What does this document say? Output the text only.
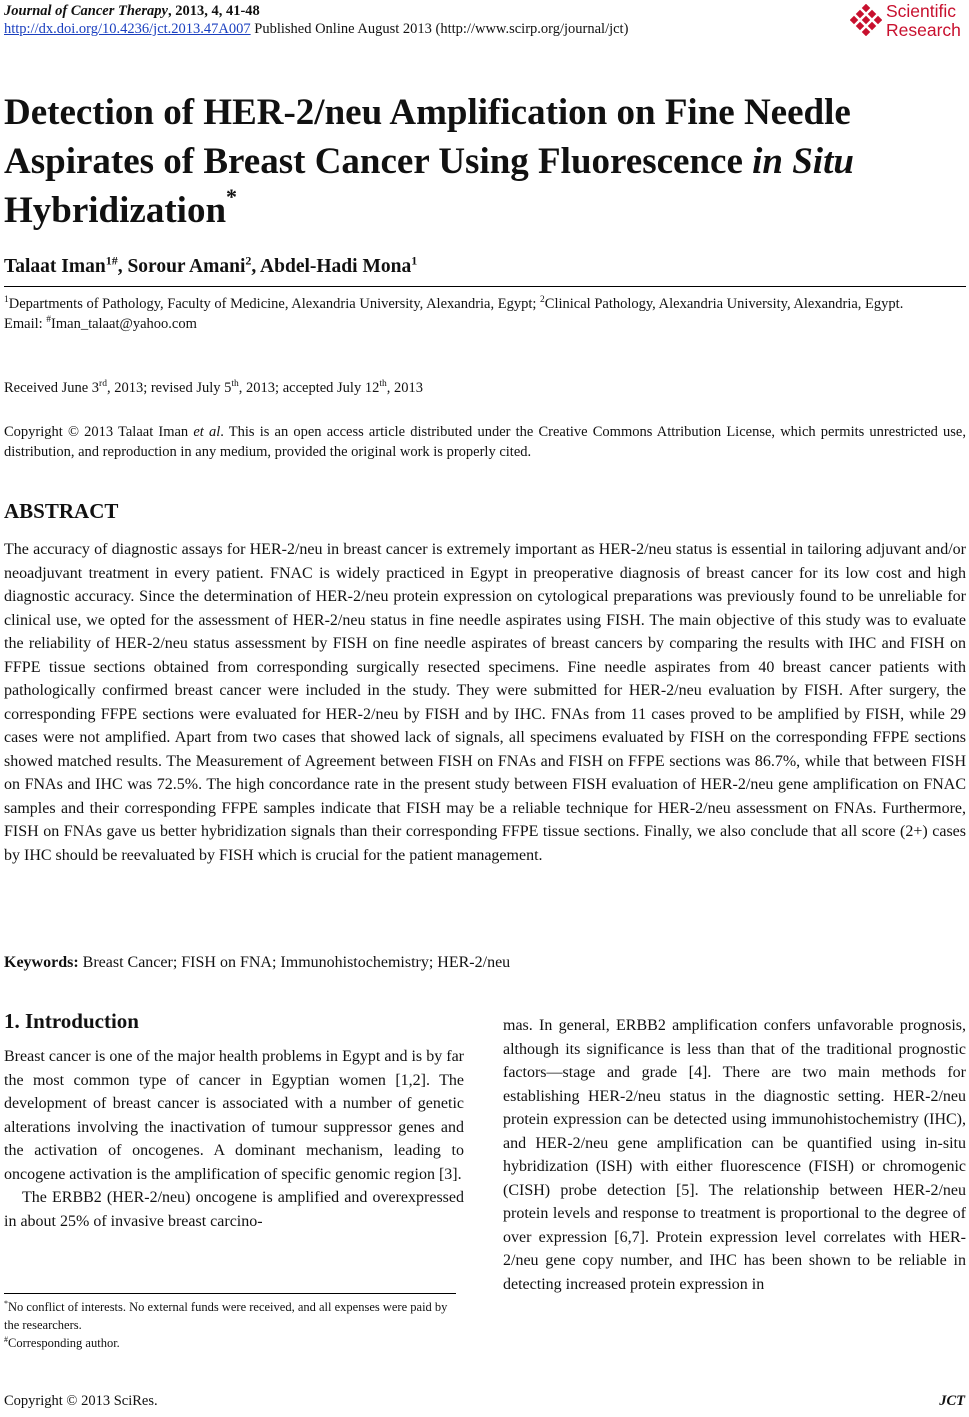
Journal of Cancer Therapy, 2013, 4, 41-48
http://dx.doi.org/10.4236/jct.2013.47A007 Published Online August 2013 (http://www.scirp.org/journal/jct)
Scientific
Research
Detection of HER-2/neu Amplification on Fine Needle
Aspirates of Breast Cancer Using Fluorescence in Situ
Hybridization*
Talaat Iman$^{1\#}$, Sorour Amani$^2$, Abdel-Hadi Mona$^1$
$^1$Departments of Pathology, Faculty of Medicine, Alexandria University, Alexandria, Egypt; $^2$Clinical Pathology, Alexandria University, Alexandria, Egypt.
Email: #Iman_talaat@yahoo.com
Received June 3rd, 2013; revised July 5th, 2013; accepted July 12th, 2013
Copyright © 2013 Talaat Iman et al. This is an open access article distributed under the Creative Commons Attribution License, which permits unrestricted use, distribution, and reproduction in any medium, provided the original work is properly cited.
ABSTRACT
The accuracy of diagnostic assays for HER-2/neu in breast cancer is extremely important as HER-2/neu status is essential in tailoring adjuvant and/or neoadjuvant treatment in every patient. FNAC is widely practiced in Egypt in preoperative diagnosis of breast cancer for its low cost and high diagnostic accuracy. Since the determination of HER-2/neu protein expression on cytological preparations was previously found to be unreliable for clinical use, we opted for the assessment of HER-2/neu status in fine needle aspirates using FISH. The main objective of this study was to evaluate the reliability of HER-2/neu status assessment by FISH on fine needle aspirates of breast cancers by comparing the results with IHC and FISH on FFPE tissue sections obtained from corresponding surgically resected specimens. Fine needle aspirates from 40 breast cancer patients with pathologically confirmed breast cancer were included in the study. They were submitted for HER-2/neu evaluation by FISH. After surgery, the corresponding FFPE sections were evaluated for HER-2/neu by FISH and by IHC. FNAs from 11 cases proved to be amplified by FISH, while 29 cases were not amplified. Apart from two cases that showed lack of signals, all specimens evaluated by FISH on the corresponding FFPE sections showed matched results. The Measurement of Agreement between FISH on FNAs and FISH on FFPE sections was 86.7%, while that between FISH on FNAs and IHC was 72.5%. The high concordance rate in the present study between FISH evaluation of HER-2/neu gene amplification on FNAC samples and their corresponding FFPE samples indicate that FISH may be a reliable technique for HER-2/neu assessment on FNAs. Furthermore, FISH on FNAs gave us better hybridization signals than their corresponding FFPE tissue sections. Finally, we also conclude that all score (2+) cases by IHC should be reevaluated by FISH which is crucial for the patient management.
Keywords: Breast Cancer; FISH on FNA; Immunohistochemistry; HER-2/neu
1. Introduction

Breast cancer is one of the major health problems in Egypt and is by far the most common type of cancer in Egyptian women [1,2]. The development of breast cancer is associated with a number of genetic alterations involving the inactivation of tumour suppressor genes and the activation of oncogenes. A dominant mechanism, leading to oncogene activation is the amplification of specific genomic region [3].

The ERBB2 (HER-2/neu) oncogene is amplified and overexpressed in about 25% of invasive breast carcino-

mas. In general, ERBB2 amplification confers unfavorable prognosis, although its significance is less than that of the traditional prognostic factors—stage and grade [4]. There are two main methods for establishing HER-2/neu status in the diagnostic setting. HER-2/neu protein expression can be detected using immunohistochemistry (IHC), and HER-2/neu gene amplification can be quantified using in-situ hybridization (ISH) with either fluorescence (FISH) or chromogenic (CISH) probe detection [5]. The relationship between HER-2/neu protein levels and response to treatment is proportional to the degree of over expression [6,7]. Protein expression level correlates with HER-2/neu gene copy number, and IHC has been shown to be reliable in detecting increased protein expression in

*No conflict of interests. No external funds were received, and all expenses were paid by the researchers.
#Corresponding author.
Copyright © 2013 SciRes.	JCT
